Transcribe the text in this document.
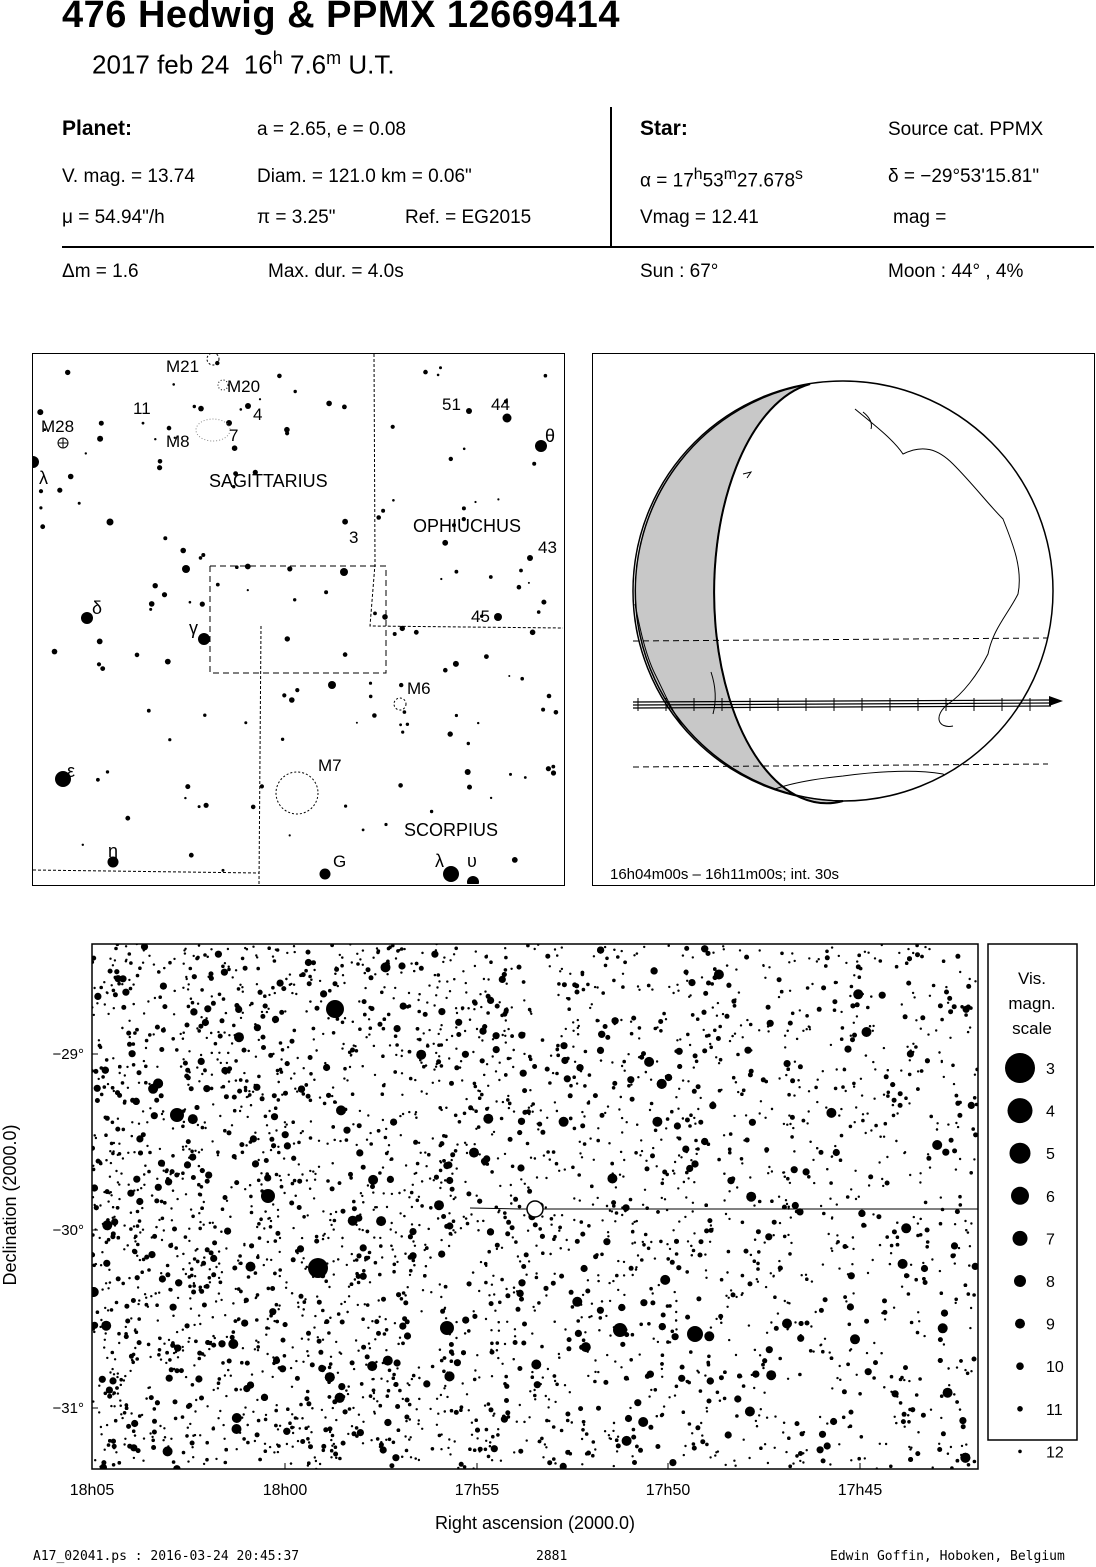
476 Hedwig & PPMX 12669414
2017 feb 24 16$^h$ 7.6$^m$ U.T.
Planet:	a = 2.65, e = 0.08
V. mag. = 13.74	Diam. = 121.0 km = 0.06"
μ = 54.94"/h	π = 3.25"	Ref. = EG2015
Star:	Source cat. PPMX
$\alpha = 17^h53^m27.678^s$	δ = −29°53'15.81"
Vmag = 12.41	mag =
Δm = 1.6	Max. dur. = 4.0s	Sun : 67°	Moon : 44° , 4%
M21
M20
M8
M28
M6
M7
SAGITTARIUS
OPHIUCHUS
SCORPIUS
11	4
7
51 44
3
43
45
G
λ
θ
δ
γ
ε
η	λ υ
16h04m00s – 16h11m00s; int. 30s
18h05	18h00	17h55	17h50	17h45
−29°
−30°
−31°
Right ascension (2000.0)
Declination (2000.0)
Vis.
magn.
scale
3
4
5
6
7
8
9
10
11
12
A17_02041.ps : 2016-03-24 20:45:37	2881	Edwin Goffin, Hoboken, Belgium
